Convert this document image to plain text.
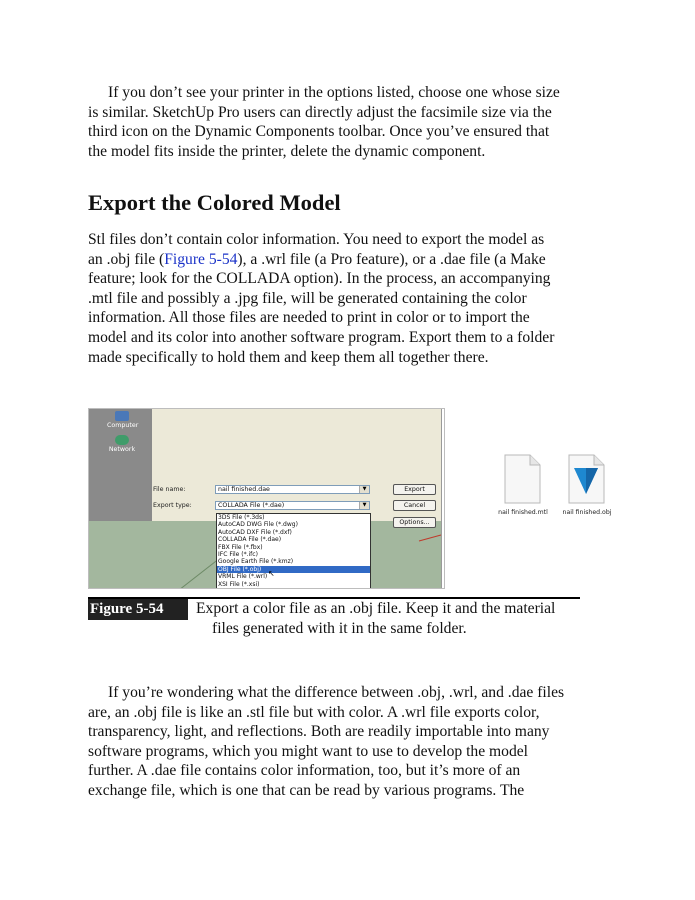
If you don’t see your printer in the options listed, choose one whose size
is similar. SketchUp Pro users can directly adjust the facsimile size via the
third icon on the Dynamic Components toolbar. Once you’ve ensured that
the model fits inside the printer, delete the dynamic component.
Export the Colored Model
Stl files don’t contain color information. You need to export the model as
an .obj file (Figure 5-54), a .wrl file (a Pro feature), or a .dae file (a Make
feature; look for the COLLADA option). In the process, an accompanying
.mtl file and possibly a .jpg file, will be generated containing the color
information. All those files are needed to print in color or to import the
model and its color into another software program. Export them to a folder
made specifically to hold them and keep them all together there.
Computer
Network
File name:	nail finished.dae	▼
Export type:	COLLADA File (*.dae)	▼
Export
Cancel
Options...
3DS File (*.3ds)
AutoCAD DWG File (*.dwg)
AutoCAD DXF File (*.dxf)
COLLADA File (*.dae)
FBX File (*.fbx)
IFC File (*.ifc)
Google Earth File (*.kmz)
OBJ File (*.obj)
VRML File (*.wrl)
XSI File (*.xsi)
↖
nail finished.mtl nail finished.obj
Figure 5-54	Export a color file as an .obj file. Keep it and the material
files generated with it in the same folder.
If you’re wondering what the difference between .obj, .wrl, and .dae files
are, an .obj file is like an .stl file but with color. A .wrl file exports color,
transparency, light, and reflections. Both are readily importable into many
software programs, which you might want to use to develop the model
further. A .dae file contains color information, too, but it’s more of an
exchange file, which is one that can be read by various programs. The
